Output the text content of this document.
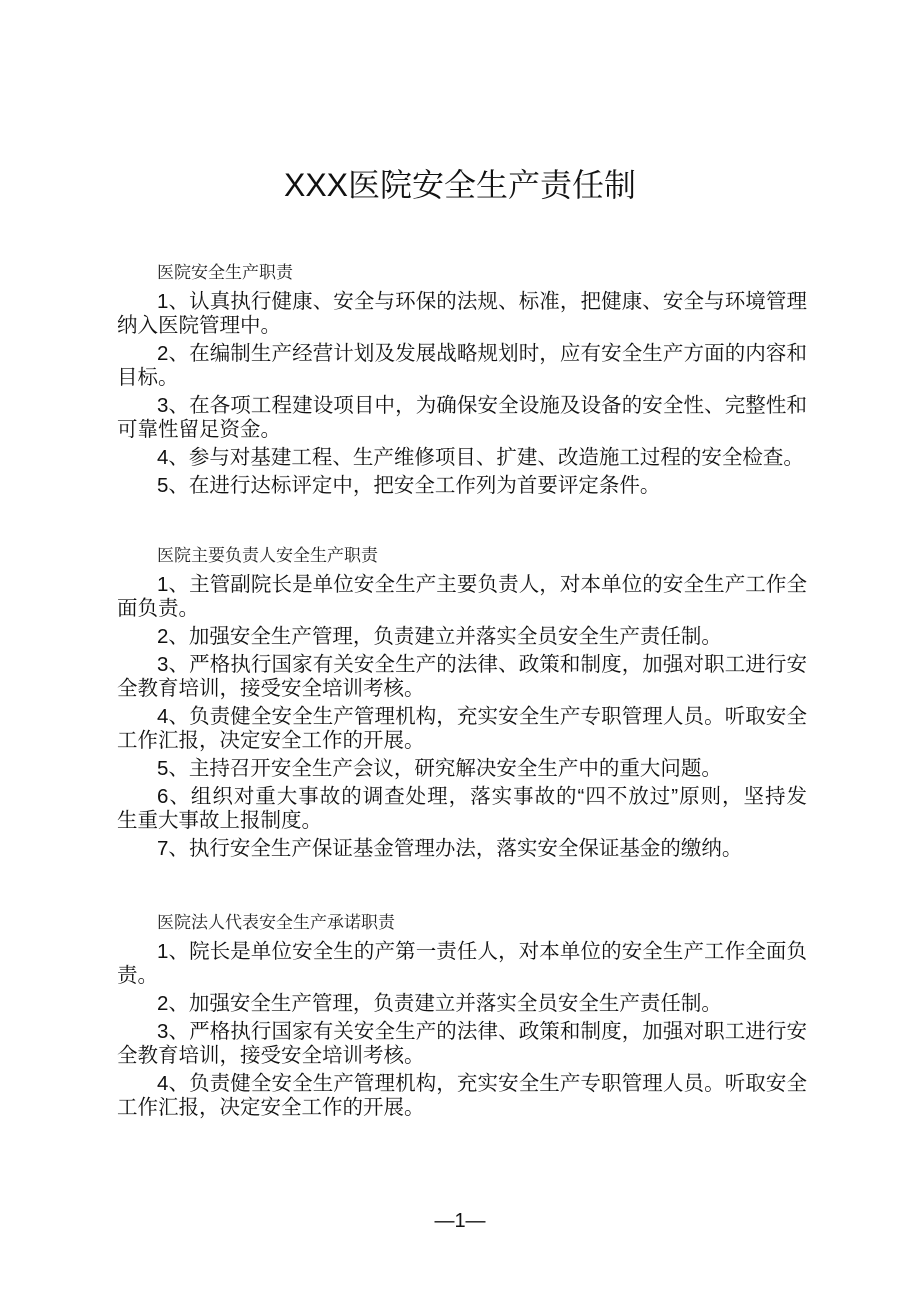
XXX医院安全生产责任制
医院安全生产职责
1、认真执行健康、安全与环保的法规、标准，把健康、安全与环境管理
纳入医院管理中。
2、在编制生产经营计划及发展战略规划时，应有安全生产方面的内容和
目标。
3、在各项工程建设项目中，为确保安全设施及设备的安全性、完整性和
可靠性留足资金。
4、参与对基建工程、生产维修项目、扩建、改造施工过程的安全检查。
5、在进行达标评定中，把安全工作列为首要评定条件。
医院主要负责人安全生产职责
1、主管副院长是单位安全生产主要负责人，对本单位的安全生产工作全
面负责。
2、加强安全生产管理，负责建立并落实全员安全生产责任制。
3、严格执行国家有关安全生产的法律、政策和制度，加强对职工进行安
全教育培训，接受安全培训考核。
4、负责健全安全生产管理机构，充实安全生产专职管理人员。听取安全
工作汇报，决定安全工作的开展。
5、主持召开安全生产会议，研究解决安全生产中的重大问题。
6、组织对重大事故的调查处理，落实事故的“四不放过”原则，坚持发
生重大事故上报制度。
7、执行安全生产保证基金管理办法，落实安全保证基金的缴纳。
医院法人代表安全生产承诺职责
1、院长是单位安全生的产第一责任人，对本单位的安全生产工作全面负
责。
2、加强安全生产管理，负责建立并落实全员安全生产责任制。
3、严格执行国家有关安全生产的法律、政策和制度，加强对职工进行安
全教育培训，接受安全培训考核。
4、负责健全安全生产管理机构，充实安全生产专职管理人员。听取安全
工作汇报，决定安全工作的开展。
—1—
